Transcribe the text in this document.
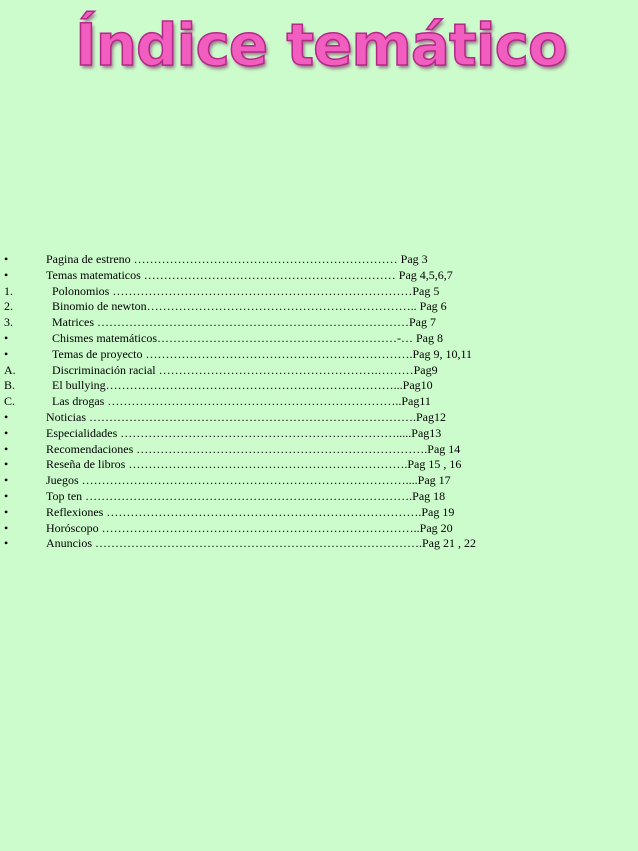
Índice temático
•	Pagina de estreno ………………………………………………………… Pag 3
•	Temas matematicos ……………………………………………………… Pag 4,5,6,7
1.	Polonomios …………………………………………………………………Pag 5
2.	Binomio de newton………………………………………………………….. Pag 6
3.	Matrices ……………………………………………………………………Pag 7
•	Chismes matemáticos……………………………………………………-… Pag 8
•	Temas de proyecto ………………………………………………………….Pag 9, 10,11
A.	Discriminación racial ……………………………………………….………Pag9
B.	El bullying………………………………………………………………...Pag10
C.	Las drogas ………………………………………………………………..Pag11
•	Noticias ……………………………………………………………………….Pag12
•	Especialidades …………………………………………………………….....Pag13
•	Recomendaciones ……………………………………………………………….Pag 14
•	Reseña de libros …………………………………………………………….Pag 15 , 16
•	Juegos ………………………………………………………………………....Pag 17
•	Top ten ……………………………………………………………………….Pag 18
•	Reflexiones …………………………………………………………………….Pag 19
•	Horóscopo ……………………………………………………………………..Pag 20
•	Anuncios ……………………………………………………………………….Pag 21 , 22
